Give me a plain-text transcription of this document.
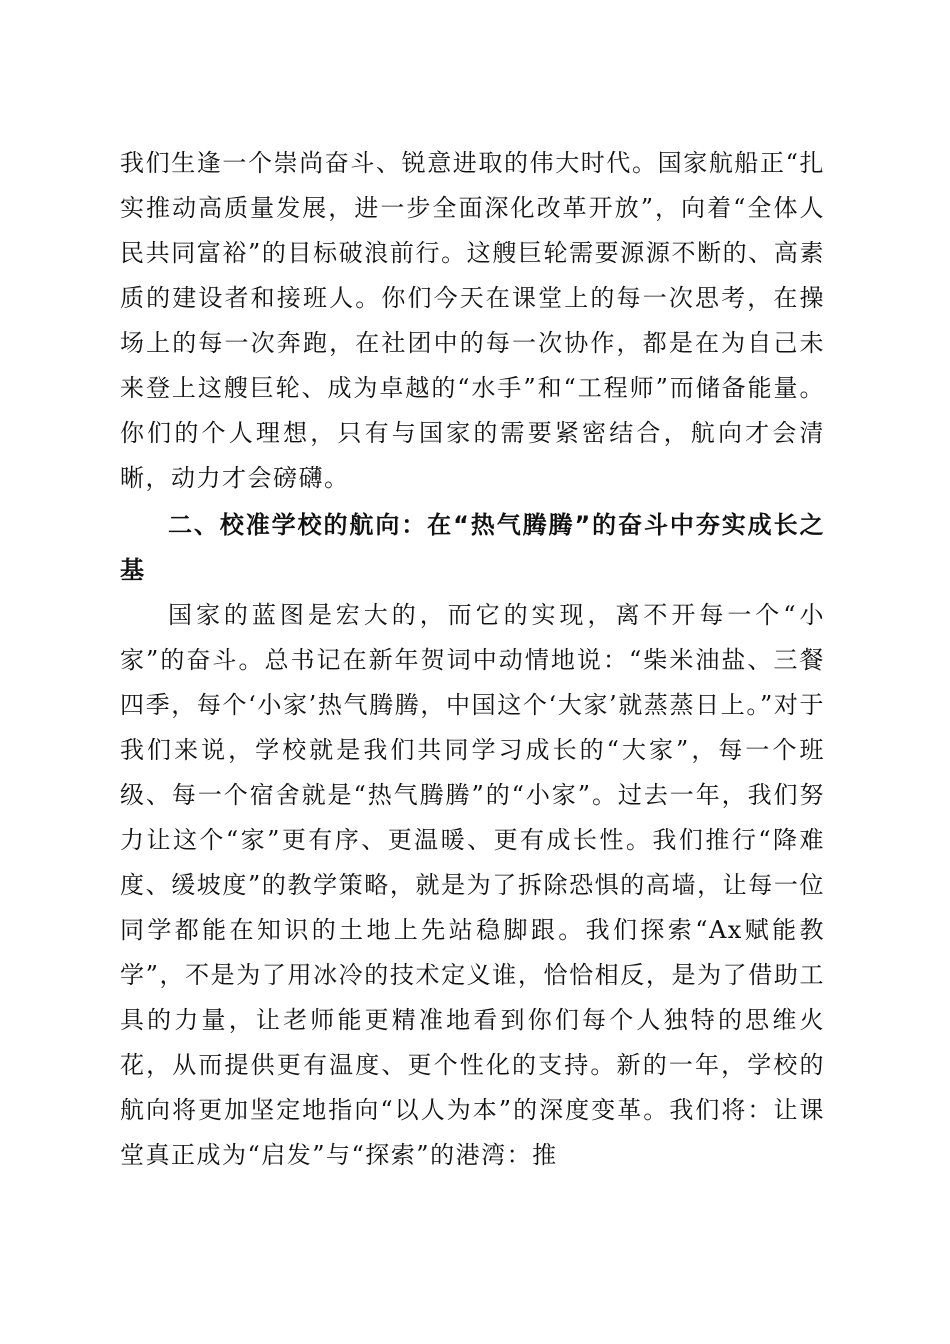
我们生逢一个崇尚奋斗、锐意进取的伟大时代。国家航船正“扎实推动高质量发展，进一步全面深化改革开放”，向着“全体人民共同富裕”的目标破浪前行。这艘巨轮需要源源不断的、高素质的建设者和接班人。你们今天在课堂上的每一次思考，在操场上的每一次奔跑，在社团中的每一次协作，都是在为自己未来登上这艘巨轮、成为卓越的“水手”和“工程师”而储备能量。你们的个人理想，只有与国家的需要紧密结合，航向才会清晰，动力才会磅礴。

二、校准学校的航向：在“热气腾腾”的奋斗中夯实成长之基

国家的蓝图是宏大的，而它的实现，离不开每一个“小家”的奋斗。总书记在新年贺词中动情地说：“柴米油盐、三餐四季，每个‘小家’热气腾腾，中国这个‘大家’就蒸蒸日上。”对于我们来说，学校就是我们共同学习成长的“大家”，每一个班级、每一个宿舍就是“热气腾腾”的“小家”。过去一年，我们努力让这个“家”更有序、更温暖、更有成长性。我们推行“降难度、缓坡度”的教学策略，就是为了拆除恐惧的高墙，让每一位同学都能在知识的土地上先站稳脚跟。我们探索“Ax赋能教学”，不是为了用冰冷的技术定义谁，恰恰相反，是为了借助工具的力量，让老师能更精准地看到你们每个人独特的思维火花，从而提供更有温度、更个性化的支持。新的一年，学校的航向将更加坚定地指向“以人为本”的深度变革。我们将：让课堂真正成为“启发”与“探索”的港湾：推
